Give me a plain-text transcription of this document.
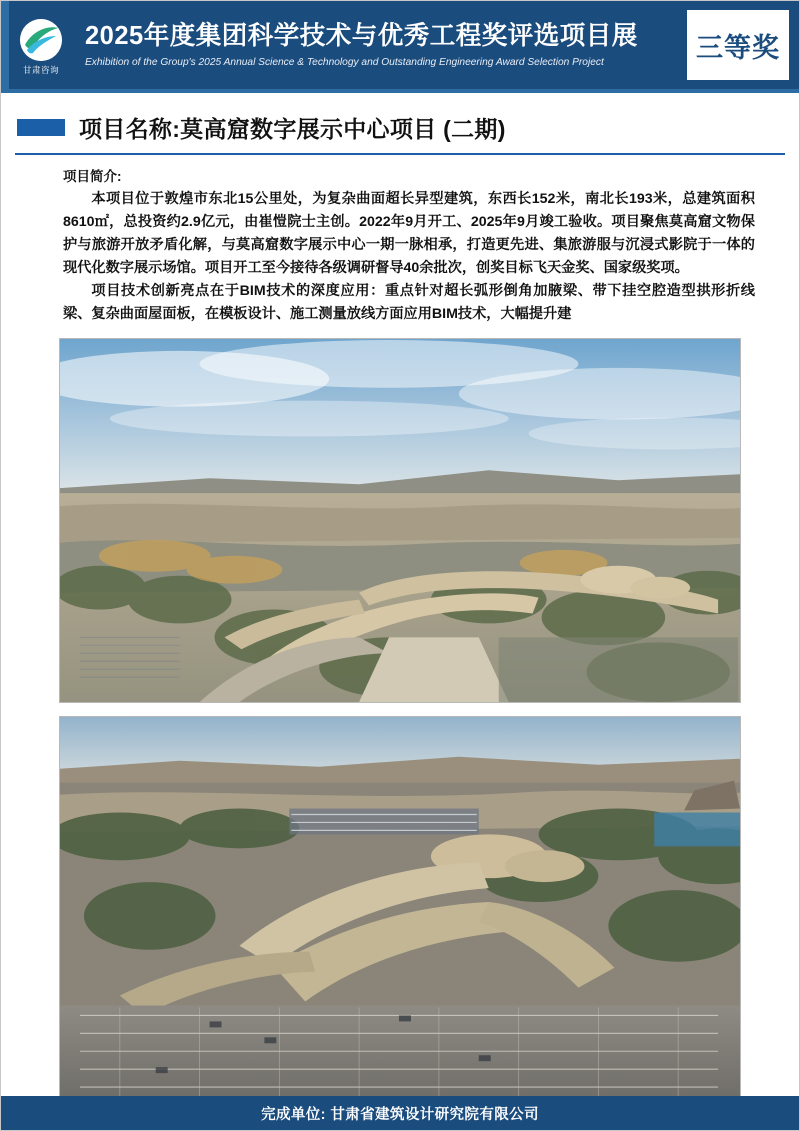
甘肃咨询
2025年度集团科学技术与优秀工程奖评选项目展
Exhibition of the Group's 2025 Annual Science & Technology and Outstanding Engineering Award Selection Project	三等奖
项目名称:莫高窟数字展示中心项目 (二期)
项目简介:

本项目位于敦煌市东北15公里处，为复杂曲面超长异型建筑，东西长152米，南北长193米，总建筑面积8610㎡，总投资约2.9亿元，由崔愷院士主创。2022年9月开工、2025年9月竣工验收。项目聚焦莫高窟文物保护与旅游开放矛盾化解，与莫高窟数字展示中心一期一脉相承，打造更先进、集旅游服与沉浸式影院于一体的现代化数字展示场馆。项目开工至今接待各级调研督导40余批次，创奖目标飞天金奖、国家级奖项。

项目技术创新亮点在于BIM技术的深度应用：重点针对超长弧形倒角加腋梁、带下挂空腔造型拱形折线梁、复杂曲面屋面板，在模板设计、施工测量放线方面应用BIM技术，大幅提升建

完成单位: 甘肃省建筑设计研究院有限公司
